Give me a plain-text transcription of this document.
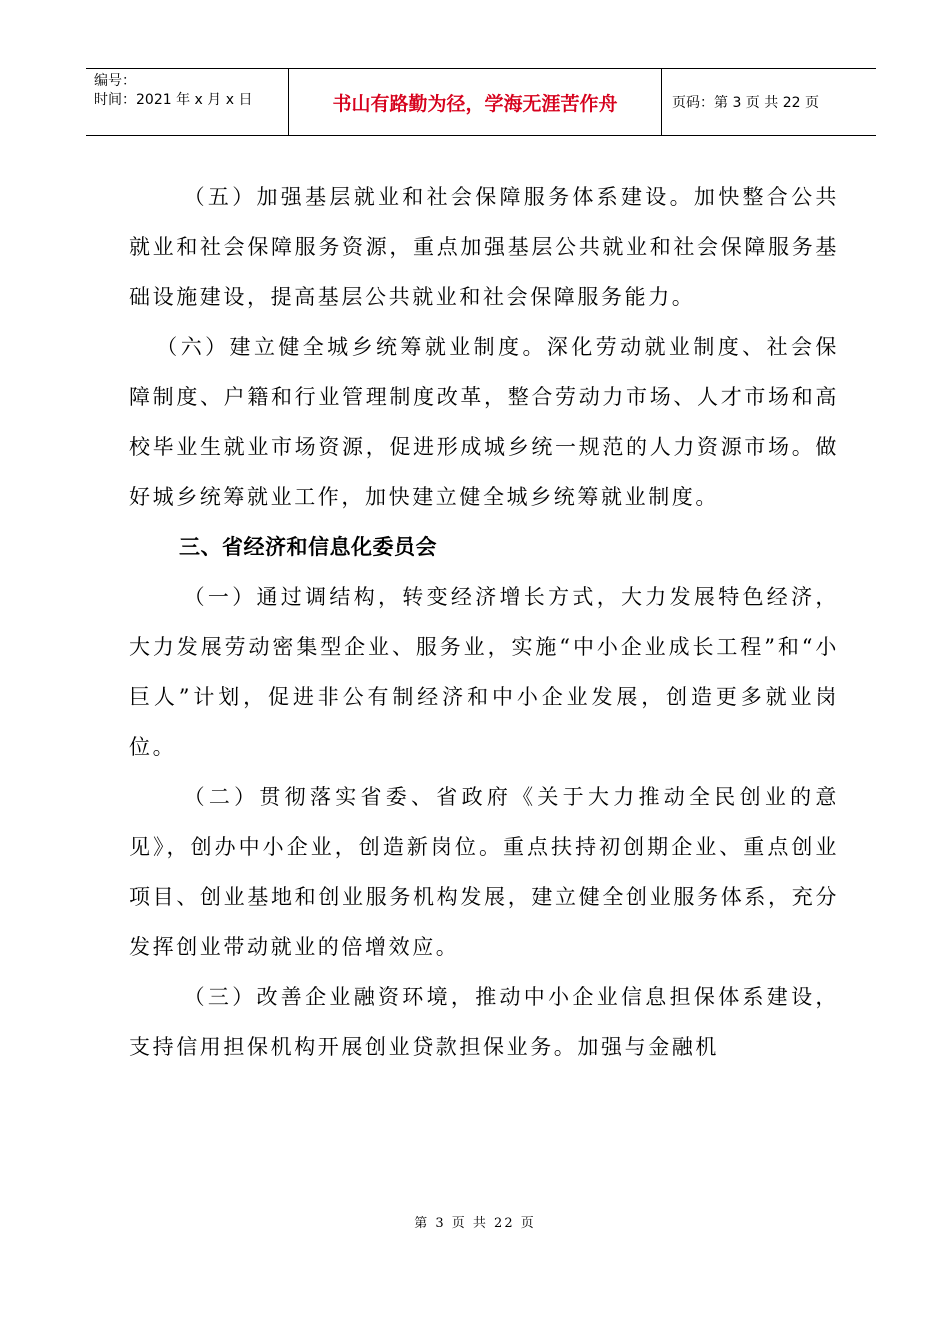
编号：
时间：2021 年 x 月 x 日	书山有路勤为径，学海无涯苦作舟	页码：第 3 页 共 22 页

（五）加强基层就业和社会保障服务体系建设。加快整合公共就业和社会保障服务资源，重点加强基层公共就业和社会保障服务基础设施建设，提高基层公共就业和社会保障服务能力。

（六）建立健全城乡统筹就业制度。深化劳动就业制度、社会保障制度、户籍和行业管理制度改革，整合劳动力市场、人才市场和高校毕业生就业市场资源，促进形成城乡统一规范的人力资源市场。做好城乡统筹就业工作，加快建立健全城乡统筹就业制度。

三、省经济和信息化委员会

（一）通过调结构，转变经济增长方式，大力发展特色经济，大力发展劳动密集型企业、服务业，实施“中小企业成长工程”和“小巨人”计划，促进非公有制经济和中小企业发展，创造更多就业岗位。

（二）贯彻落实省委、省政府《关于大力推动全民创业的意见》，创办中小企业，创造新岗位。重点扶持初创期企业、重点创业项目、创业基地和创业服务机构发展，建立健全创业服务体系，充分发挥创业带动就业的倍增效应。

（三）改善企业融资环境，推动中小企业信息担保体系建设，支持信用担保机构开展创业贷款担保业务。加强与金融机

第 3 页 共 22 页
